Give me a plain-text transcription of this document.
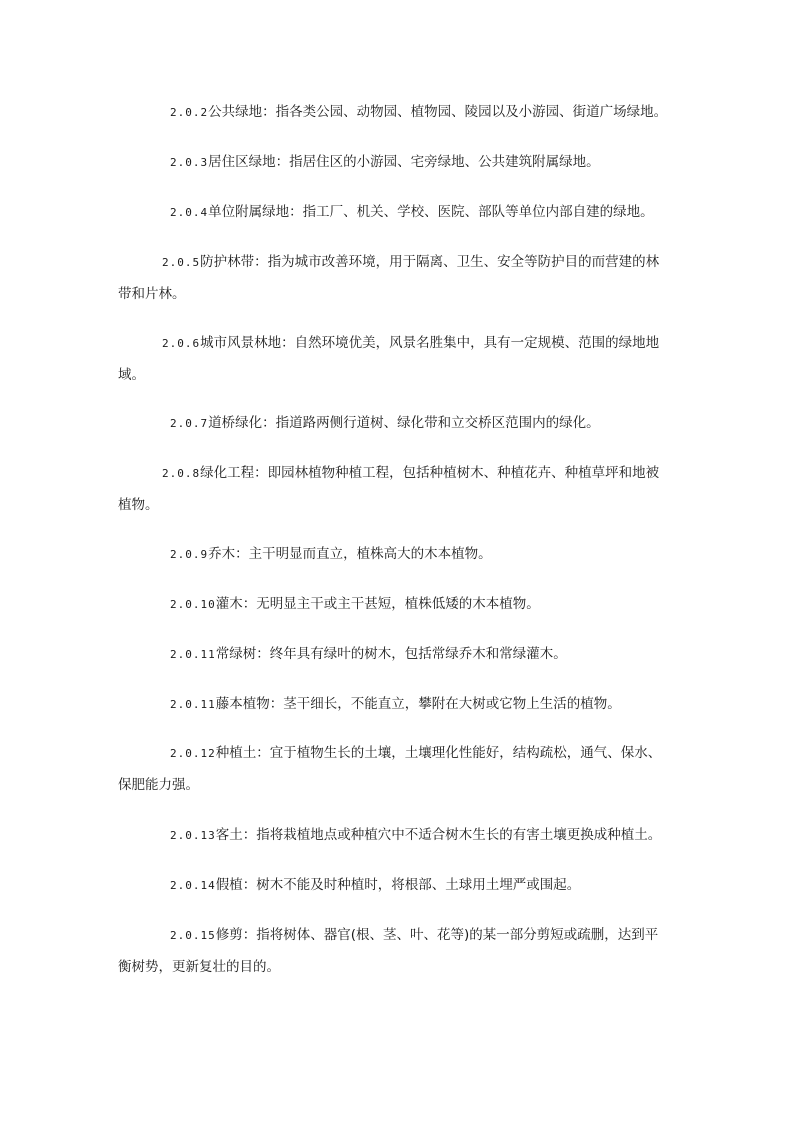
2.0.2公共绿地：指各类公园、动物园、植物园、陵园以及小游园、街道广场绿地。
2.0.3居住区绿地：指居住区的小游园、宅旁绿地、公共建筑附属绿地。
2.0.4单位附属绿地：指工厂、机关、学校、医院、部队等单位内部自建的绿地。
2.0.5防护林带：指为城市改善环境，用于隔离、卫生、安全等防护目的而营建的林
带和片林。
2.0.6城市风景林地：自然环境优美，风景名胜集中，具有一定规模、范围的绿地地
域。
2.0.7道桥绿化：指道路两侧行道树、绿化带和立交桥区范围内的绿化。
2.0.8绿化工程：即园林植物种植工程，包括种植树木、种植花卉、种植草坪和地被
植物。
2.0.9乔木：主干明显而直立，植株高大的木本植物。
2.0.10灌木：无明显主干或主干甚短，植株低矮的木本植物。
2.0.11常绿树：终年具有绿叶的树木，包括常绿乔木和常绿灌木。
2.0.11藤本植物：茎干细长，不能直立，攀附在大树或它物上生活的植物。
2.0.12种植土：宜于植物生长的土壤，土壤理化性能好，结构疏松，通气、保水、
保肥能力强。
2.0.13客土：指将栽植地点或种植穴中不适合树木生长的有害土壤更换成种植土。
2.0.14假植：树木不能及时种植时，将根部、土球用土埋严或围起。
2.0.15修剪：指将树体、器官(根、茎、叶、花等)的某一部分剪短或疏删，达到平
衡树势，更新复壮的目的。
